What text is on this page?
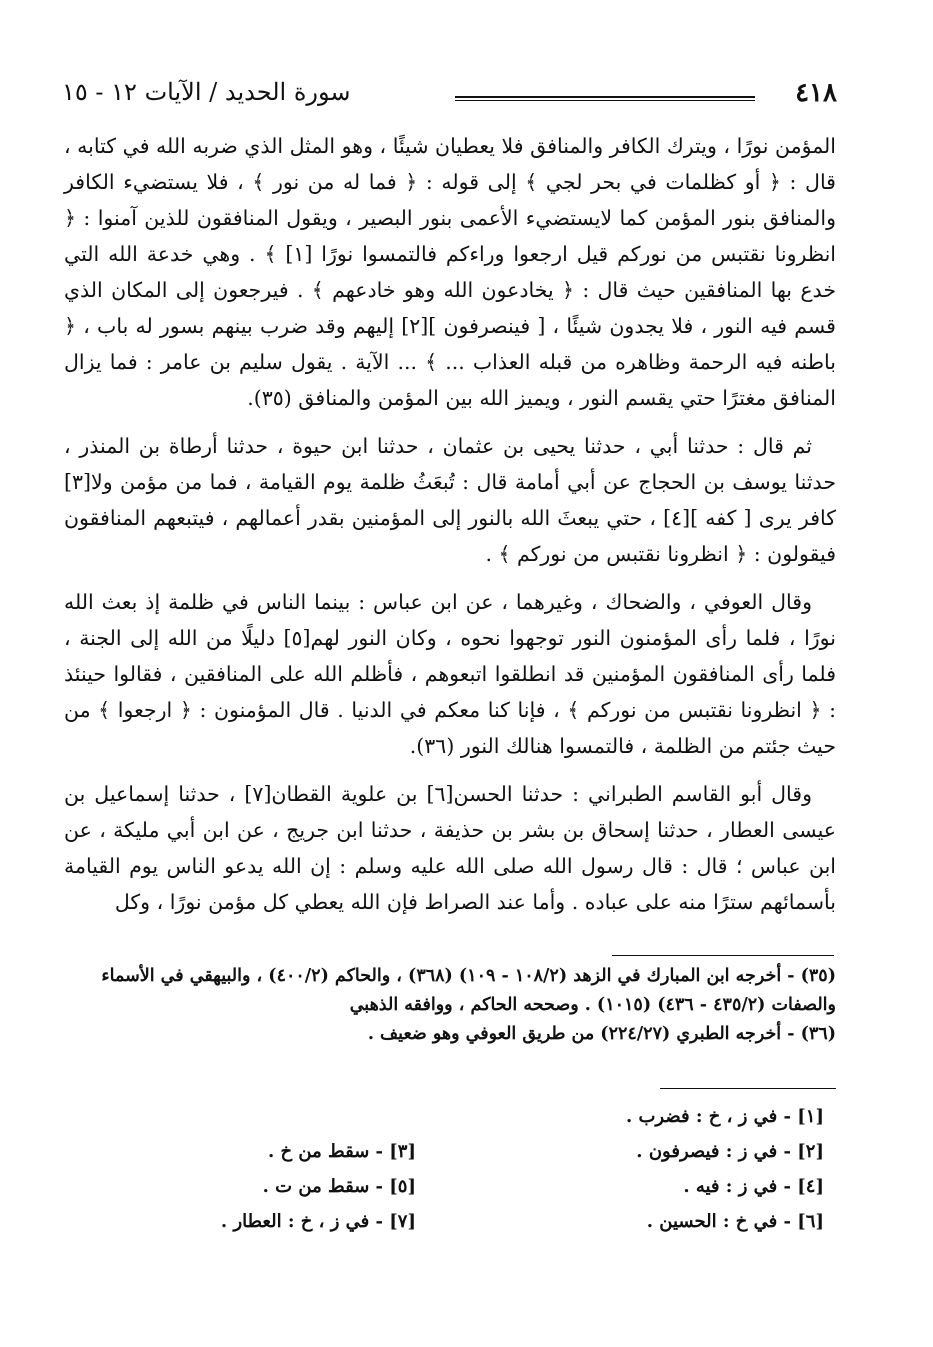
٤١٨
سورة الحديد / الآيات ١٢ - ١٥

المؤمن نورًا ، ويترك الكافر والمنافق فلا يعطيان شيئًا ، وهو المثل الذي ضربه الله في كتابه ، قال : ﴿ أو كظلمات في بحر لجي ﴾ إلى قوله : ﴿ فما له من نور ﴾ ، فلا يستضيء الكافر والمنافق بنور المؤمن كما لايستضيء الأعمى بنور البصير ، ويقول المنافقون للذين آمنوا : ﴿ انظرونا نقتبس من نوركم قيل ارجعوا وراءكم فالتمسوا نورًا [١] ﴾ . وهي خدعة الله التي خدع بها المنافقين حيث قال : ﴿ يخادعون الله وهو خادعهم ﴾ . فيرجعون إلى المكان الذي قسم فيه النور ، فلا يجدون شيئًا ، [ فينصرفون ][٢] إليهم وقد ضرب بينهم بسور له باب ، ﴿ باطنه فيه الرحمة وظاهره من قبله العذاب ... ﴾ ... الآية . يقول سليم بن عامر : فما يزال المنافق مغترًا حتي يقسم النور ، ويميز الله بين المؤمن والمنافق (٣٥).

ثم قال : حدثنا أبي ، حدثنا يحيى بن عثمان ، حدثنا ابن حيوة ، حدثنا أرطاة بن المنذر ، حدثنا يوسف بن الحجاج عن أبي أمامة قال : تُبعَثُ ظلمة يوم القيامة ، فما من مؤمن ولا[٣] كافر يرى [ كفه ][٤] ، حتي يبعثَ الله بالنور إلى المؤمنين بقدر أعمالهم ، فيتبعهم المنافقون فيقولون : ﴿ انظرونا نقتبس من نوركم ﴾ .

وقال العوفي ، والضحاك ، وغيرهما ، عن ابن عباس : بينما الناس في ظلمة إذ بعث الله نورًا ، فلما رأى المؤمنون النور توجهوا نحوه ، وكان النور لهم[٥] دليلًا من الله إلى الجنة ، فلما رأى المنافقون المؤمنين قد انطلقوا اتبعوهم ، فأظلم الله على المنافقين ، فقالوا حينئذ : ﴿ انظرونا نقتبس من نوركم ﴾ ، فإنا كنا معكم في الدنيا . قال المؤمنون : ﴿ ارجعوا ﴾ من حيث جئتم من الظلمة ، فالتمسوا هنالك النور (٣٦).

وقال أبو القاسم الطبراني : حدثنا الحسن[٦] بن علوية القطان[٧] ، حدثنا إسماعيل بن عيسى العطار ، حدثنا إسحاق بن بشر بن حذيفة ، حدثنا ابن جريج ، عن ابن أبي مليكة ، عن ابن عباس ؛ قال : قال رسول الله صلى الله عليه وسلم : إن الله يدعو الناس يوم القيامة بأسمائهم سترًا منه على عباده . وأما عند الصراط فإن الله يعطي كل مؤمن نورًا ، وكل

(٣٥) - أخرجه ابن المبارك في الزهد (١٠٨/٢ - ١٠٩) (٣٦٨) ، والحاكم (٤٠٠/٢) ، والبيهقي في الأسماء والصفات (٤٣٥/٢ - ٤٣٦) (١٠١٥) . وصححه الحاكم ، ووافقه الذهبي

(٣٦) - أخرجه الطبري (٢٢٤/٢٧) من طريق العوفي وهو ضعيف .

[١] - في ز ، خ : فضرب .
[٢] - في ز : فيصرفون .
[٣] - سقط من خ .
[٤] - في ز : فيه .
[٥] - سقط من ت .
[٦] - في خ : الحسين .
[٧] - في ز ، خ : العطار .
